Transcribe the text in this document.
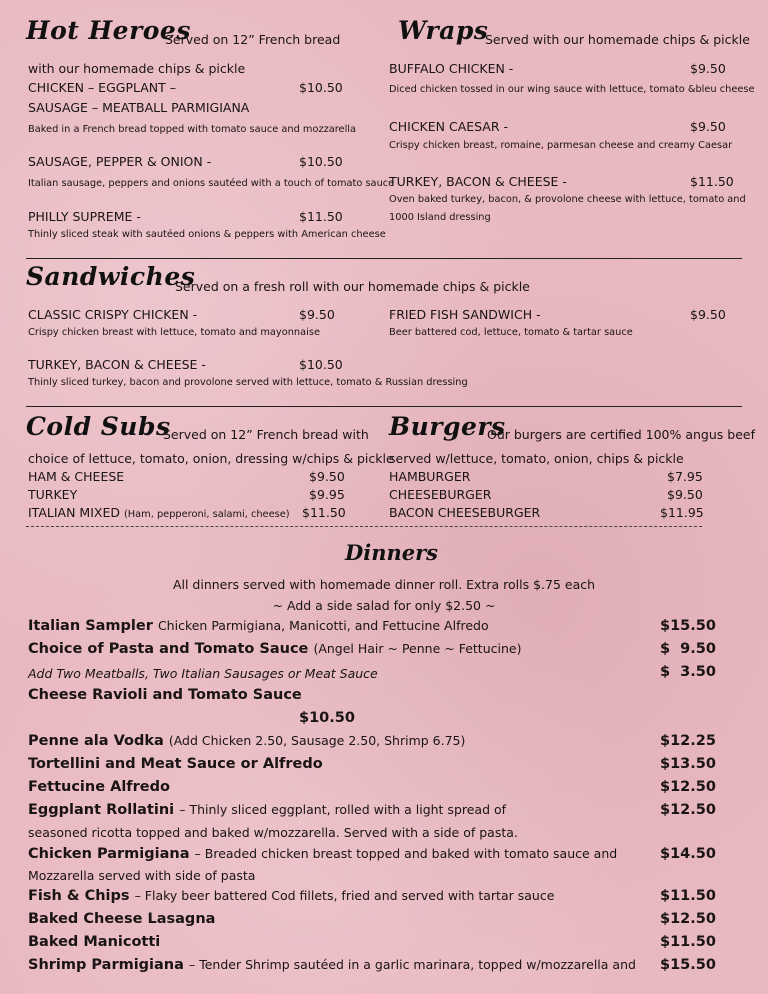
Hot Heroes
Served on 12” French bread
with our homemade chips & pickle
CHICKEN – EGGPLANT –	$10.50
SAUSAGE – MEATBALL PARMIGIANA
Baked in a French bread topped with tomato sauce and mozzarella
SAUSAGE, PEPPER & ONION -	$10.50
Italian sausage, peppers and onions sautéed with a touch of tomato sauce
PHILLY SUPREME -	$11.50
Thinly sliced steak with sautéed onions & peppers with American cheese
Wraps
Served with our homemade chips & pickle
BUFFALO CHICKEN -	$9.50
Diced chicken tossed in our wing sauce with lettuce, tomato &bleu cheese
CHICKEN CAESAR -	$9.50
Crispy chicken breast, romaine, parmesan cheese and creamy Caesar
TURKEY, BACON & CHEESE -	$11.50
Oven baked turkey, bacon, & provolone cheese with lettuce, tomato and
1000 Island dressing
Sandwiches
Served on a fresh roll with our homemade chips & pickle
CLASSIC CRISPY CHICKEN -	$9.50
Crispy chicken breast with lettuce, tomato and mayonnaise
FRIED FISH SANDWICH -	$9.50
Beer battered cod, lettuce, tomato & tartar sauce
TURKEY, BACON & CHEESE -	$10.50
Thinly sliced turkey, bacon and provolone served with lettuce, tomato & Russian dressing
Cold Subs
Served on 12” French bread with
choice of lettuce, tomato, onion, dressing w/chips & pickle
HAM & CHEESE	$9.50
TURKEY	$9.95
ITALIAN MIXED (Ham, pepperoni, salami, cheese) $11.50
Burgers
Our burgers are certified 100% angus beef
served w/lettuce, tomato, onion, chips & pickle
HAMBURGER	$7.95
CHEESEBURGER	$9.50
BACON CHEESEBURGER	$11.95
Dinners
All dinners served with homemade dinner roll. Extra rolls $.75 each
~ Add a side salad for only $2.50 ~
Italian Sampler Chicken Parmigiana, Manicotti, and Fettucine Alfredo	$15.50
Choice of Pasta and Tomato Sauce (Angel Hair ~ Penne ~ Fettucine)	$  9.50
Add Two Meatballs, Two Italian Sausages or Meat Sauce	$  3.50
Cheese Ravioli and Tomato Sauce
$10.50
Penne ala Vodka (Add Chicken 2.50, Sausage 2.50, Shrimp 6.75)	$12.25
Tortellini and Meat Sauce or Alfredo	$13.50
Fettucine Alfredo	$12.50
Eggplant Rollatini – Thinly sliced eggplant, rolled with a light spread of
seasoned ricotta topped and baked w/mozzarella. Served with a side of pasta.
$12.50
Chicken Parmigiana – Breaded chicken breast topped and baked with tomato sauce and
Mozzarella served with side of pasta
$14.50
Fish & Chips – Flaky beer battered Cod fillets, fried and served with tartar sauce	$11.50
Baked Cheese Lasagna	$12.50
Baked Manicotti	$11.50
Shrimp Parmigiana – Tender Shrimp sautéed in a garlic marinara, topped w/mozzarella and $15.50
